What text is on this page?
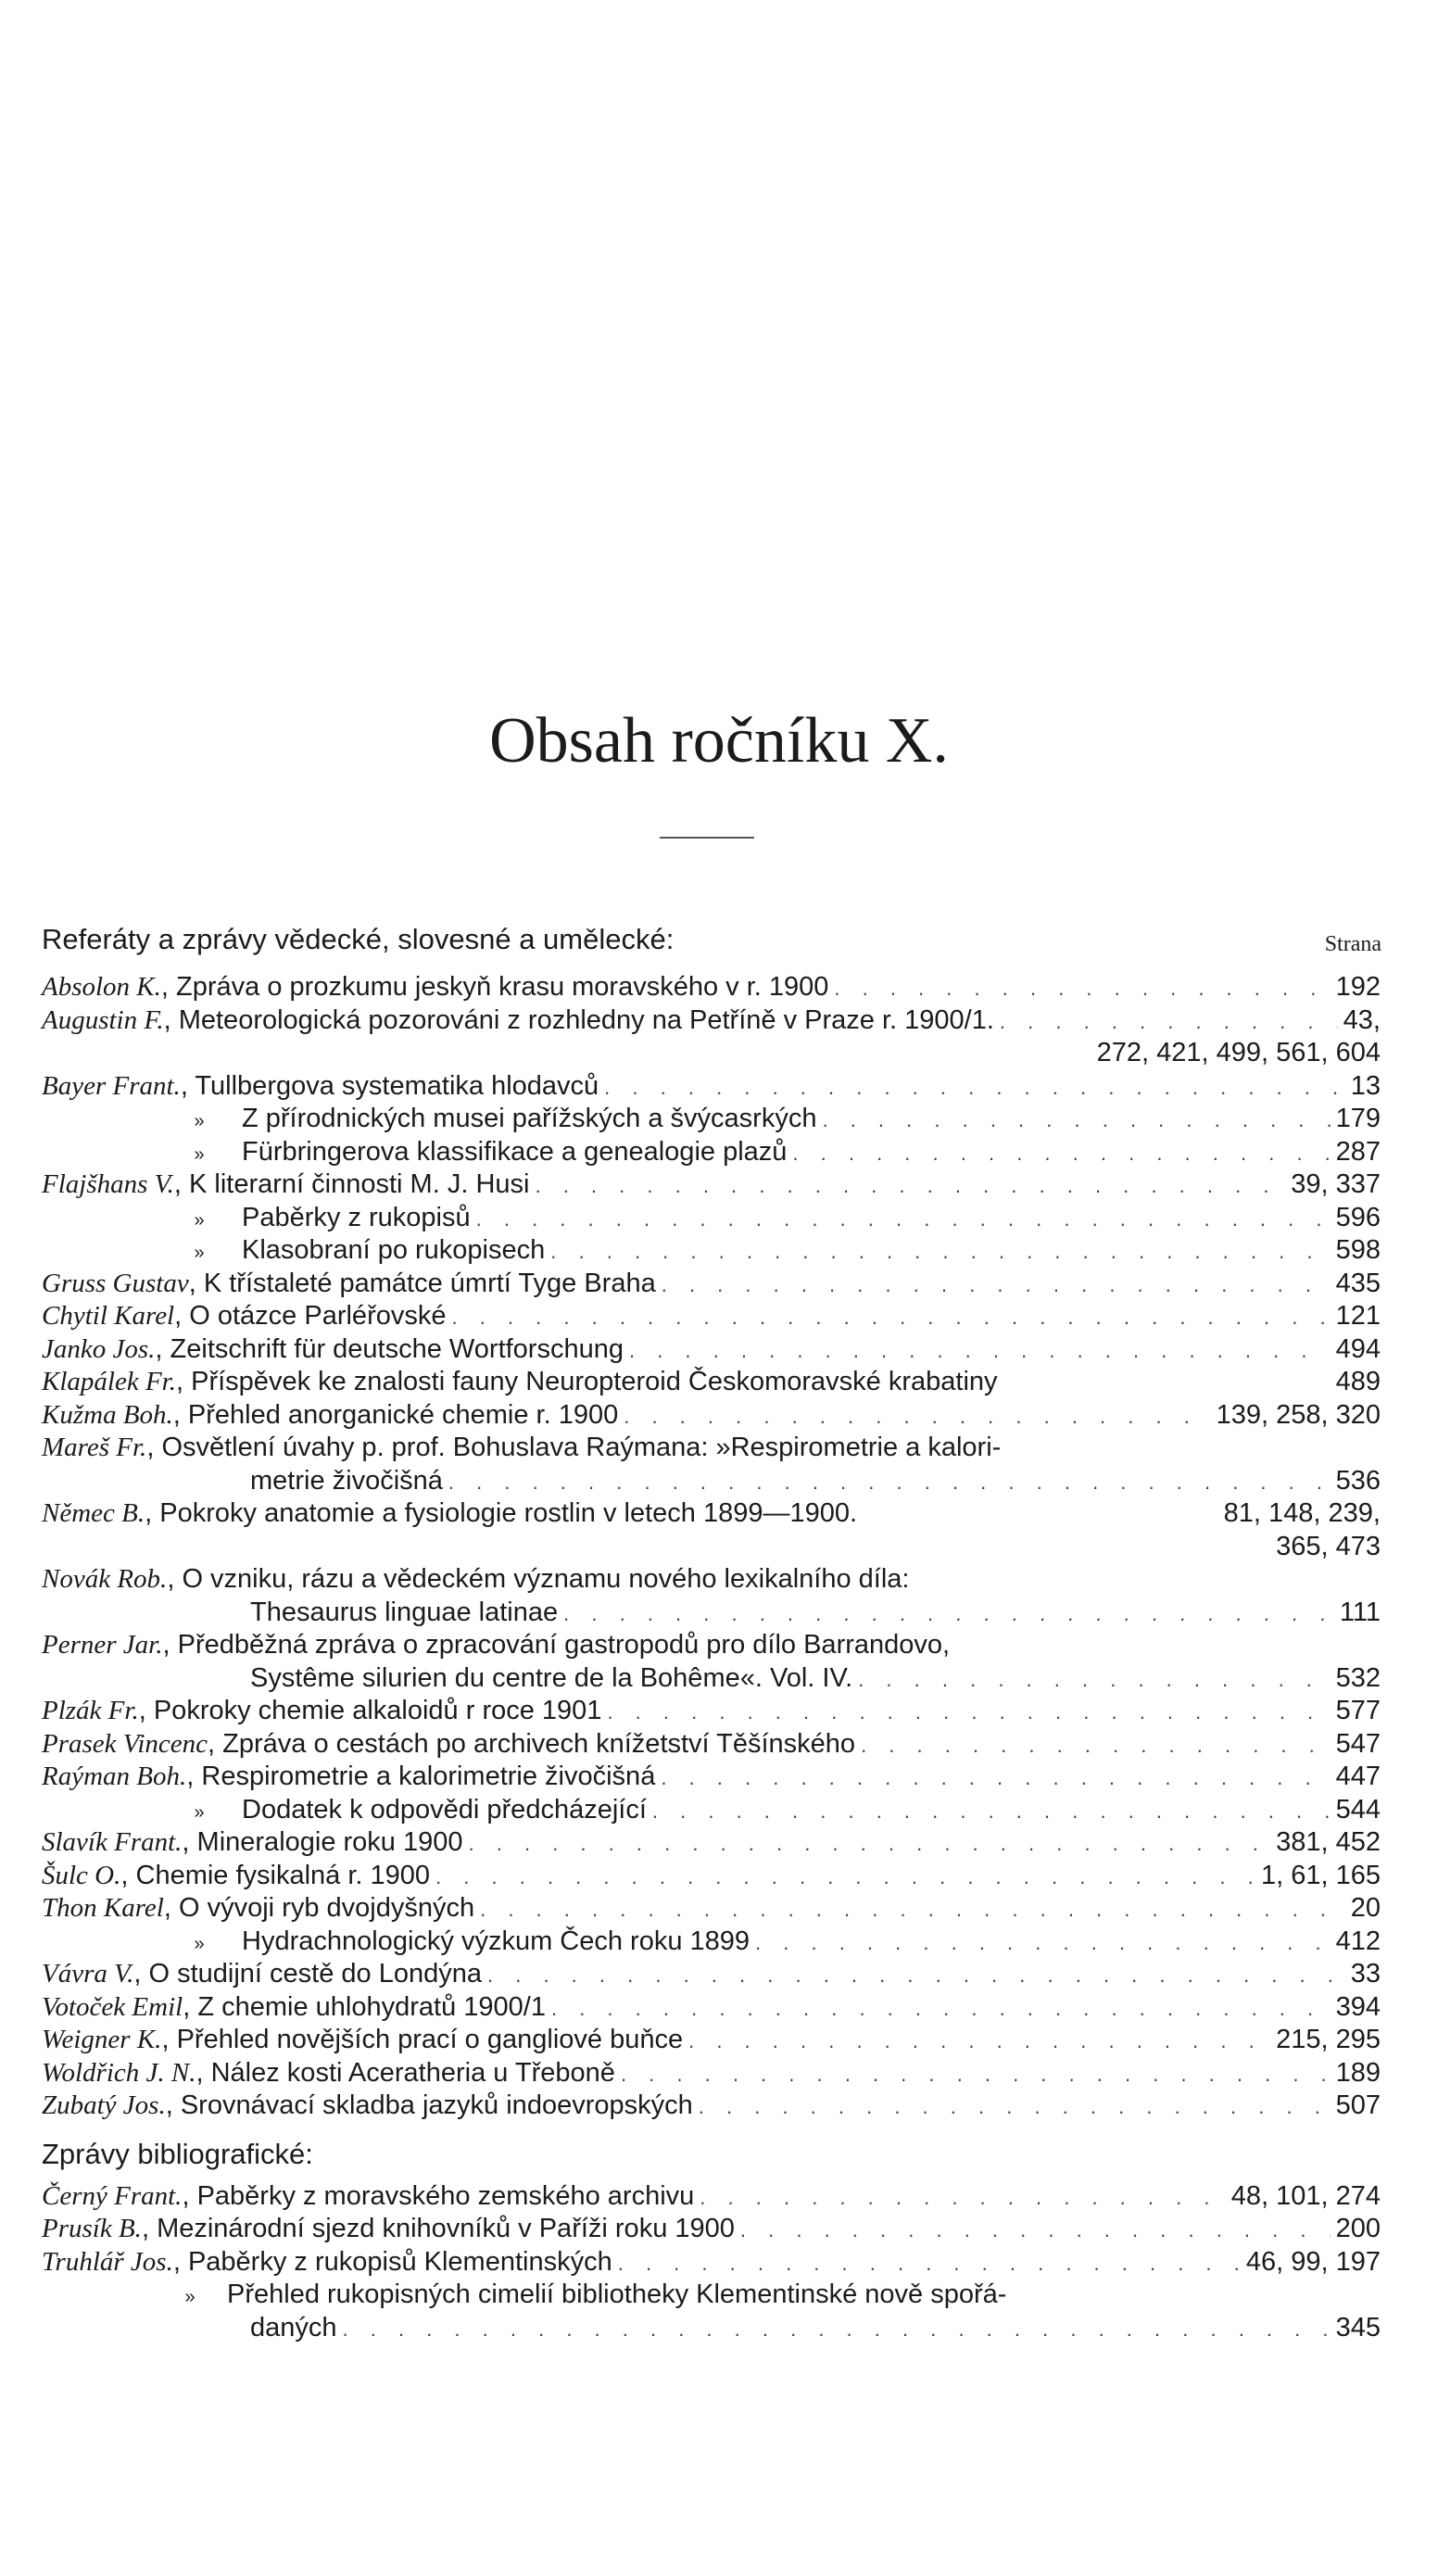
Obsah ročníku X.
Referáty a zprávy vědecké, slovesné a umělecké:	Strana
Absolon K., Zpráva o prozkumu jeskyň krasu moravského v r. 1900 . . .	192
Augustin F., Meteorologická pozorováni z rozhledny na Petříně v Praze r. 1900/1. . . .	43,
272, 421, 499, 561, 604
Bayer Frant., Tullbergova systematika hlodavců . . .	13
» Z přírodnických musei pařížských a švýcasrkých . . .	179
» Fürbringerova klassifikace a genealogie plazů . . .	287
Flajšhans V., K literarní činnosti M. J. Husi . . .	39, 337
» Paběrky z rukopisů . . .	596
» Klasobraní po rukopisech . . .	598
Gruss Gustav, K třístaleté památce úmrtí Tyge Braha . . .	435
Chytil Karel, O otázce Parléřovské . . .	121
Janko Jos., Zeitschrift für deutsche Wortforschung . . .	494
Klapálek Fr., Příspěvek ke znalosti fauny Neuropteroid Českomoravské krabatiny	489
Kužma Boh., Přehled anorganické chemie r. 1900 . . .	139, 258, 320
Mareš Fr., Osvětlení úvahy p. prof. Bohuslava Raýmana: »Respirometrie a kalori-
metrie živočišná . . .	536
Němec B., Pokroky anatomie a fysiologie rostlin v letech 1899—1900.	81, 148, 239,
365, 473
Novák Rob., O vzniku, rázu a vědeckém významu nového lexikalního díla:
Thesaurus linguae latinae . . .	111
Perner Jar., Předběžná zpráva o zpracování gastropodů pro dílo Barrandovo,
Systême silurien du centre de la Bohême«. Vol. IV. . . .	532
Plzák Fr., Pokroky chemie alkaloidů r roce 1901 . . .	577
Prasek Vincenc, Zpráva o cestách po archivech knížetství Těšínského . . .	547
Raýman Boh., Respirometrie a kalorimetrie živočišná . . .	447
» Dodatek k odpovědi předcházející . . .	544
Slavík Frant., Mineralogie roku 1900 . . .	381, 452
Šulc O., Chemie fysikalná r. 1900 . . .	1, 61, 165
Thon Karel, O vývoji ryb dvojdyšných . . .	20
» Hydrachnologický výzkum Čech roku 1899 . . .	412
Vávra V., O studijní cestě do Londýna . . .	33
Votoček Emil, Z chemie uhlohydratů 1900/1 . . .	394
Weigner K., Přehled novějších prací o gangliové buňce . . .	215, 295
Woldřich J. N., Nález kosti Aceratheria u Třeboně . . .	189
Zubatý Jos., Srovnávací skladba jazyků indoevropských . . .	507
Zprávy bibliografické:
Černý Frant., Paběrky z moravského zemského archivu . . .	48, 101, 274
Prusík B., Mezinárodní sjezd knihovníků v Paříži roku 1900 . . .	200
Truhlář Jos., Paběrky z rukopisů Klementinských . . .	46, 99, 197
» Přehled rukopisných cimelií bibliotheky Klementinské nově spořá-
daných . . .	345
